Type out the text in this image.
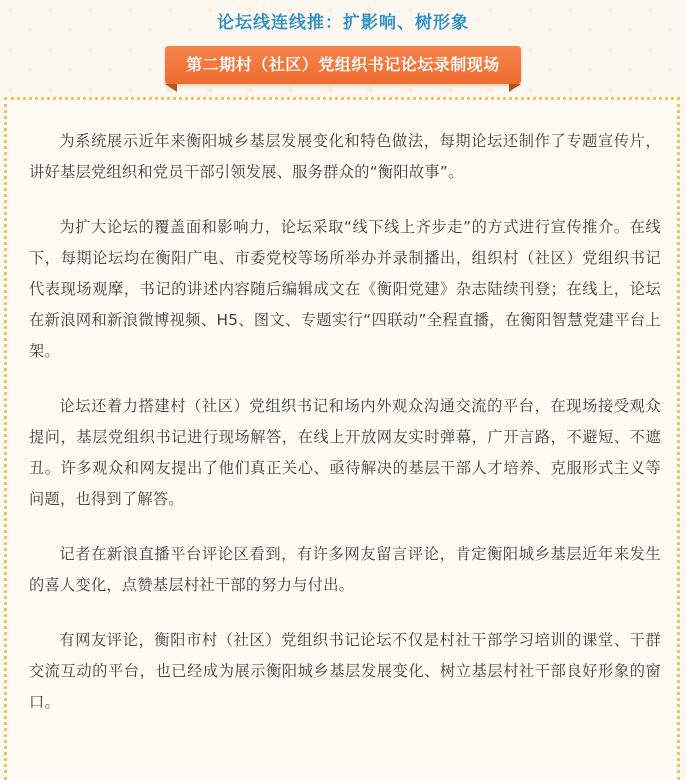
论坛线连线推：扩影响、树形象
第二期村（社区）党组织书记论坛录制现场

为系统展示近年来衡阳城乡基层发展变化和特色做法，每期论坛还制作了专题宣传片，讲好基层党组织和党员干部引领发展、服务群众的“衡阳故事”。

为扩大论坛的覆盖面和影响力，论坛采取“线下线上齐步走”的方式进行宣传推介。在线下，每期论坛均在衡阳广电、市委党校等场所举办并录制播出，组织村（社区）党组织书记代表现场观摩，书记的讲述内容随后编辑成文在《衡阳党建》杂志陆续刊登；在线上，论坛在新浪网和新浪微博视频、H5、图文、专题实行“四联动”全程直播，在衡阳智慧党建平台上架。

论坛还着力搭建村（社区）党组织书记和场内外观众沟通交流的平台，在现场接受观众提问，基层党组织书记进行现场解答，在线上开放网友实时弹幕，广开言路，不避短、不遮丑。许多观众和网友提出了他们真正关心、亟待解决的基层干部人才培养、克服形式主义等问题，也得到了解答。

记者在新浪直播平台评论区看到，有许多网友留言评论，肯定衡阳城乡基层近年来发生的喜人变化，点赞基层村社干部的努力与付出。

有网友评论，衡阳市村（社区）党组织书记论坛不仅是村社干部学习培训的课堂、干群交流互动的平台，也已经成为展示衡阳城乡基层发展变化、树立基层村社干部良好形象的窗口。
